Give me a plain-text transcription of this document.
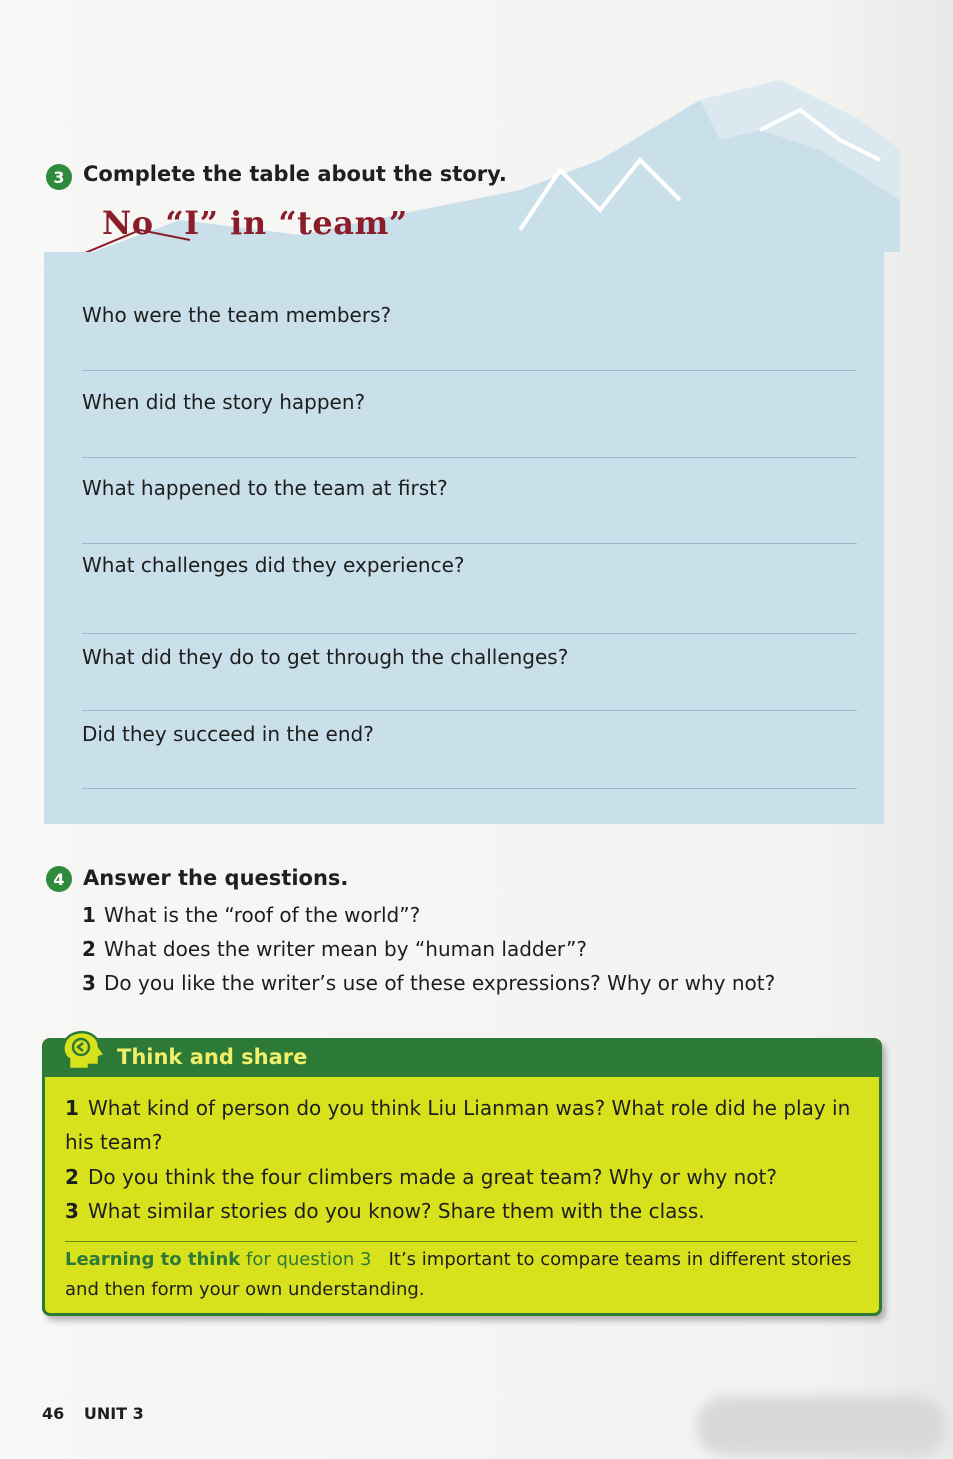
3 Complete the table about the story.
No “I” in “team”
Who were the team members?
When did the story happen?
What happened to the team at first?
What challenges did they experience?
What did they do to get through the challenges?
Did they succeed in the end?
4 Answer the questions.
1 What is the “roof of the world”?
2 What does the writer mean by “human ladder”?
3 Do you like the writer’s use of these expressions? Why or why not?
Think and share
1 What kind of person do you think Liu Lianman was? What role did he play in his team?
2 Do you think the four climbers made a great team? Why or why not?
3 What similar stories do you know? Share them with the class.
Learning to think for question 3 It’s important to compare teams in different stories and then form your own understanding.
46 UNIT 3
